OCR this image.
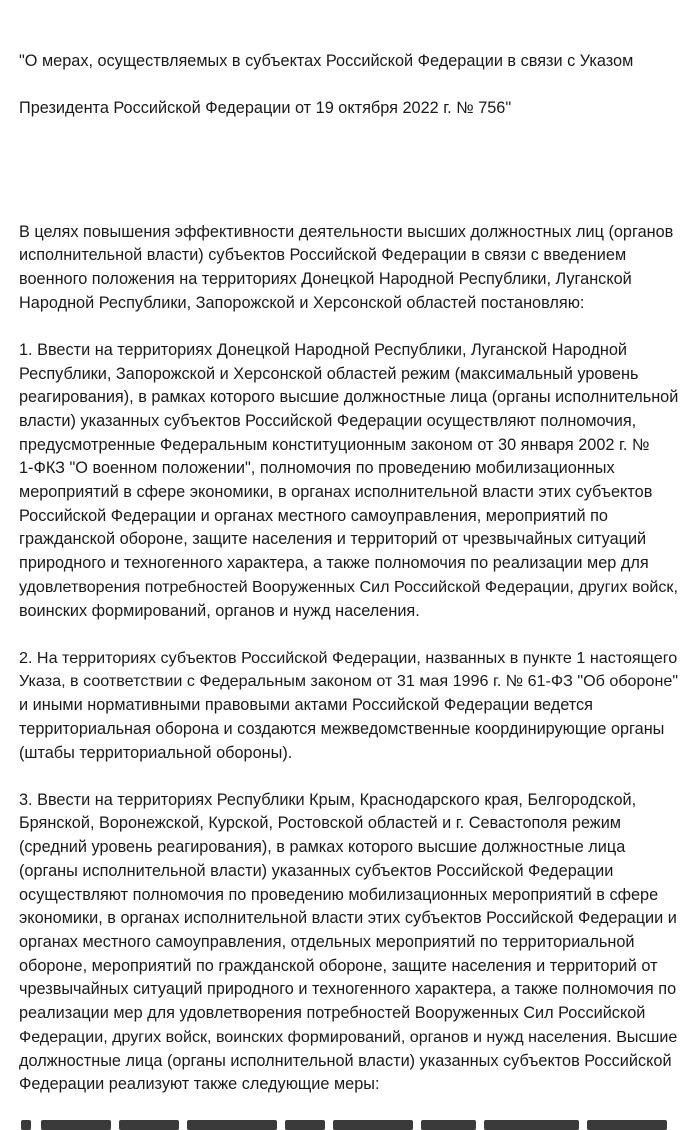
"О мерах, осуществляемых в субъектах Российской Федерации в связи с Указом

Президента Российской Федерации от 19 октября 2022 г. № 756"

В целях повышения эффективности деятельности высших должностных лиц (органов
исполнительной власти) субъектов Российской Федерации в связи с введением
военного положения на территориях Донецкой Народной Республики, Луганской
Народной Республики, Запорожской и Херсонской областей постановляю:
1. Ввести на территориях Донецкой Народной Республики, Луганской Народной
Республики, Запорожской и Херсонской областей режим (максимальный уровень
реагирования), в рамках которого высшие должностные лица (органы исполнительной
власти) указанных субъектов Российской Федерации осуществляют полномочия,
предусмотренные Федеральным конституционным законом от 30 января 2002 г. №
1-ФКЗ "О военном положении", полномочия по проведению мобилизационных
мероприятий в сфере экономики, в органах исполнительной власти этих субъектов
Российской Федерации и органах местного самоуправления, мероприятий по
гражданской обороне, защите населения и территорий от чрезвычайных ситуаций
природного и техногенного характера, а также полномочия по реализации мер для
удовлетворения потребностей Вооруженных Сил Российской Федерации, других войск,
воинских формирований, органов и нужд населения.
2. На территориях субъектов Российской Федерации, названных в пункте 1 настоящего
Указа, в соответствии с Федеральным законом от 31 мая 1996 г. № 61-ФЗ "Об обороне"
и иными нормативными правовыми актами Российской Федерации ведется
территориальная оборона и создаются межведомственные координирующие органы
(штабы территориальной обороны).
3. Ввести на территориях Республики Крым, Краснодарского края, Белгородской,
Брянской, Воронежской, Курской, Ростовской областей и г. Севастополя режим
(средний уровень реагирования), в рамках которого высшие должностные лица
(органы исполнительной власти) указанных субъектов Российской Федерации
осуществляют полномочия по проведению мобилизационных мероприятий в сфере
экономики, в органах исполнительной власти этих субъектов Российской Федерации и
органах местного самоуправления, отдельных мероприятий по территориальной
обороне, мероприятий по гражданской обороне, защите населения и территорий от
чрезвычайных ситуаций природного и техногенного характера, а также полномочия по
реализации мер для удовлетворения потребностей Вооруженных Сил Российской
Федерации, других войск, воинских формирований, органов и нужд населения. Высшие
должностные лица (органы исполнительной власти) указанных субъектов Российской
Федерации реализуют также следующие меры:
